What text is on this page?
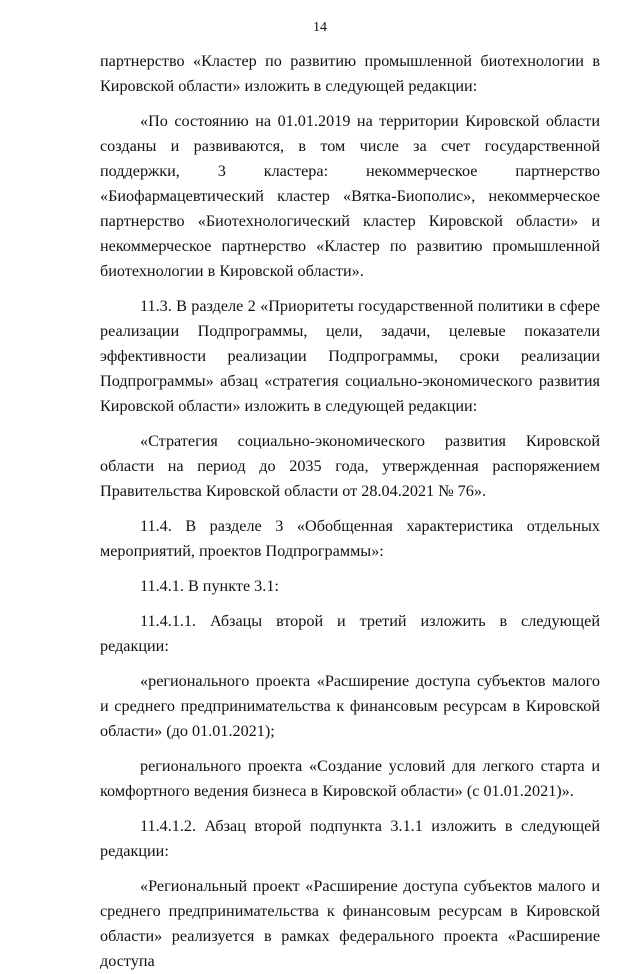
14

партнерство «Кластер по развитию промышленной биотехнологии в Кировской области» изложить в следующей редакции:

«По состоянию на 01.01.2019 на территории Кировской области созданы и развиваются, в том числе за счет государственной поддержки, 3 кластера: некоммерческое партнерство «Биофармацевтический кластер «Вятка-Биополис», некоммерческое партнерство «Биотехнологический кластер Кировской области» и некоммерческое партнерство «Кластер по развитию промышленной биотехнологии в Кировской области».

11.3. В разделе 2 «Приоритеты государственной политики в сфере реализации Подпрограммы, цели, задачи, целевые показатели эффективности реализации Подпрограммы, сроки реализации Подпрограммы» абзац «стратегия социально-экономического развития Кировской области» изложить в следующей редакции:

«Стратегия социально-экономического развития Кировской области на период до 2035 года, утвержденная распоряжением Правительства Кировской области от 28.04.2021 № 76».

11.4. В разделе 3 «Обобщенная характеристика отдельных мероприятий, проектов Подпрограммы»:

11.4.1. В пункте 3.1:

11.4.1.1. Абзацы второй и третий изложить в следующей редакции:

«регионального проекта «Расширение доступа субъектов малого и среднего предпринимательства к финансовым ресурсам в Кировской области» (до 01.01.2021);

регионального проекта «Создание условий для легкого старта и комфортного ведения бизнеса в Кировской области» (с 01.01.2021)».

11.4.1.2. Абзац второй подпункта 3.1.1 изложить в следующей редакции:

«Региональный проект «Расширение доступа субъектов малого и среднего предпринимательства к финансовым ресурсам в Кировской области» реализуется в рамках федерального проекта «Расширение доступа
